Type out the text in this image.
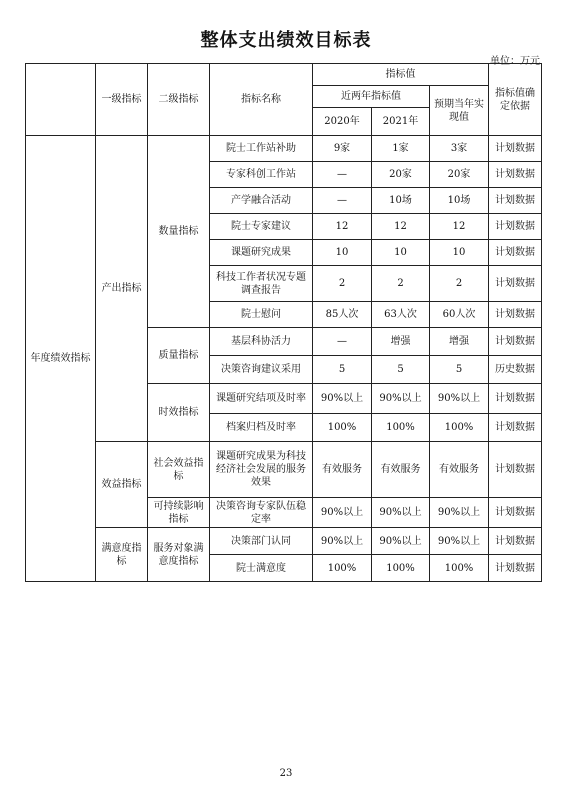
整体支出绩效目标表
单位：万元
	一级指标	二级指标	指标名称	指标值			指标值确定依据
				近两年指标值		预期当年实现值	
				2020年	2021年		
年度绩效指标	产出指标	数量指标	院士工作站补助	9家	1家	3家	计划数据
			专家科创工作站	—	20家	20家	计划数据
			产学融合活动	—	10场	10场	计划数据
			院士专家建议	12	12	12	计划数据
			课题研究成果	10	10	10	计划数据
			科技工作者状况专题调查报告	2	2	2	计划数据
			院士慰问	85人次	63人次	60人次	计划数据
		质量指标	基层科协活力	—	增强	增强	计划数据
			决策咨询建议采用	5	5	5	历史数据
		时效指标	课题研究结项及时率	90%以上	90%以上	90%以上	计划数据
			档案归档及时率	100%	100%	100%	计划数据
	效益指标	社会效益指标	课题研究成果为科技经济社会发展的服务效果	有效服务	有效服务	有效服务	计划数据
		可持续影响指标	决策咨询专家队伍稳定率	90%以上	90%以上	90%以上	计划数据
	满意度指标	服务对象满意度指标	决策部门认同	90%以上	90%以上	90%以上	计划数据
			院士满意度	100%	100%	100%	计划数据
23
